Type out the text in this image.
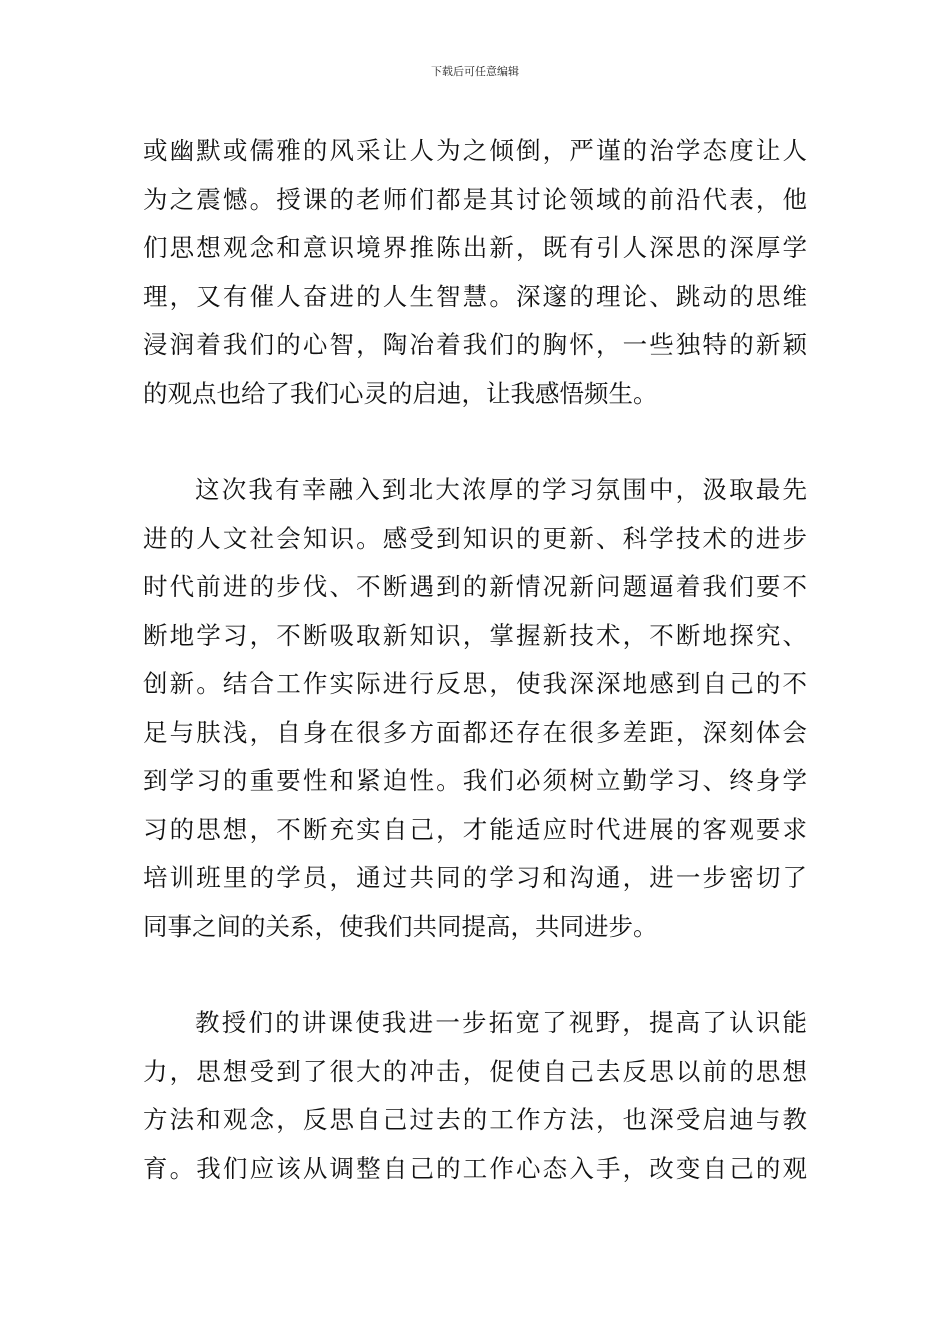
下载后可任意编辑
或幽默或儒雅的风采让人为之倾倒，严谨的治学态度让人
为之震憾。授课的老师们都是其讨论领域的前沿代表，他
们思想观念和意识境界推陈出新，既有引人深思的深厚学
理，又有催人奋进的人生智慧。深邃的理论、跳动的思维
浸润着我们的心智，陶冶着我们的胸怀，一些独特的新颖
的观点也给了我们心灵的启迪，让我感悟频生。
这次我有幸融入到北大浓厚的学习氛围中，汲取最先
进的人文社会知识。感受到知识的更新、科学技术的进步
时代前进的步伐、不断遇到的新情况新问题逼着我们要不
断地学习，不断吸取新知识，掌握新技术，不断地探究、
创新。结合工作实际进行反思，使我深深地感到自己的不
足与肤浅，自身在很多方面都还存在很多差距，深刻体会
到学习的重要性和紧迫性。我们必须树立勤学习、终身学
习的思想，不断充实自己，才能适应时代进展的客观要求
培训班里的学员，通过共同的学习和沟通，进一步密切了
同事之间的关系，使我们共同提高，共同进步。
教授们的讲课使我进一步拓宽了视野，提高了认识能
力，思想受到了很大的冲击，促使自己去反思以前的思想
方法和观念，反思自己过去的工作方法，也深受启迪与教
育。我们应该从调整自己的工作心态入手，改变自己的观
